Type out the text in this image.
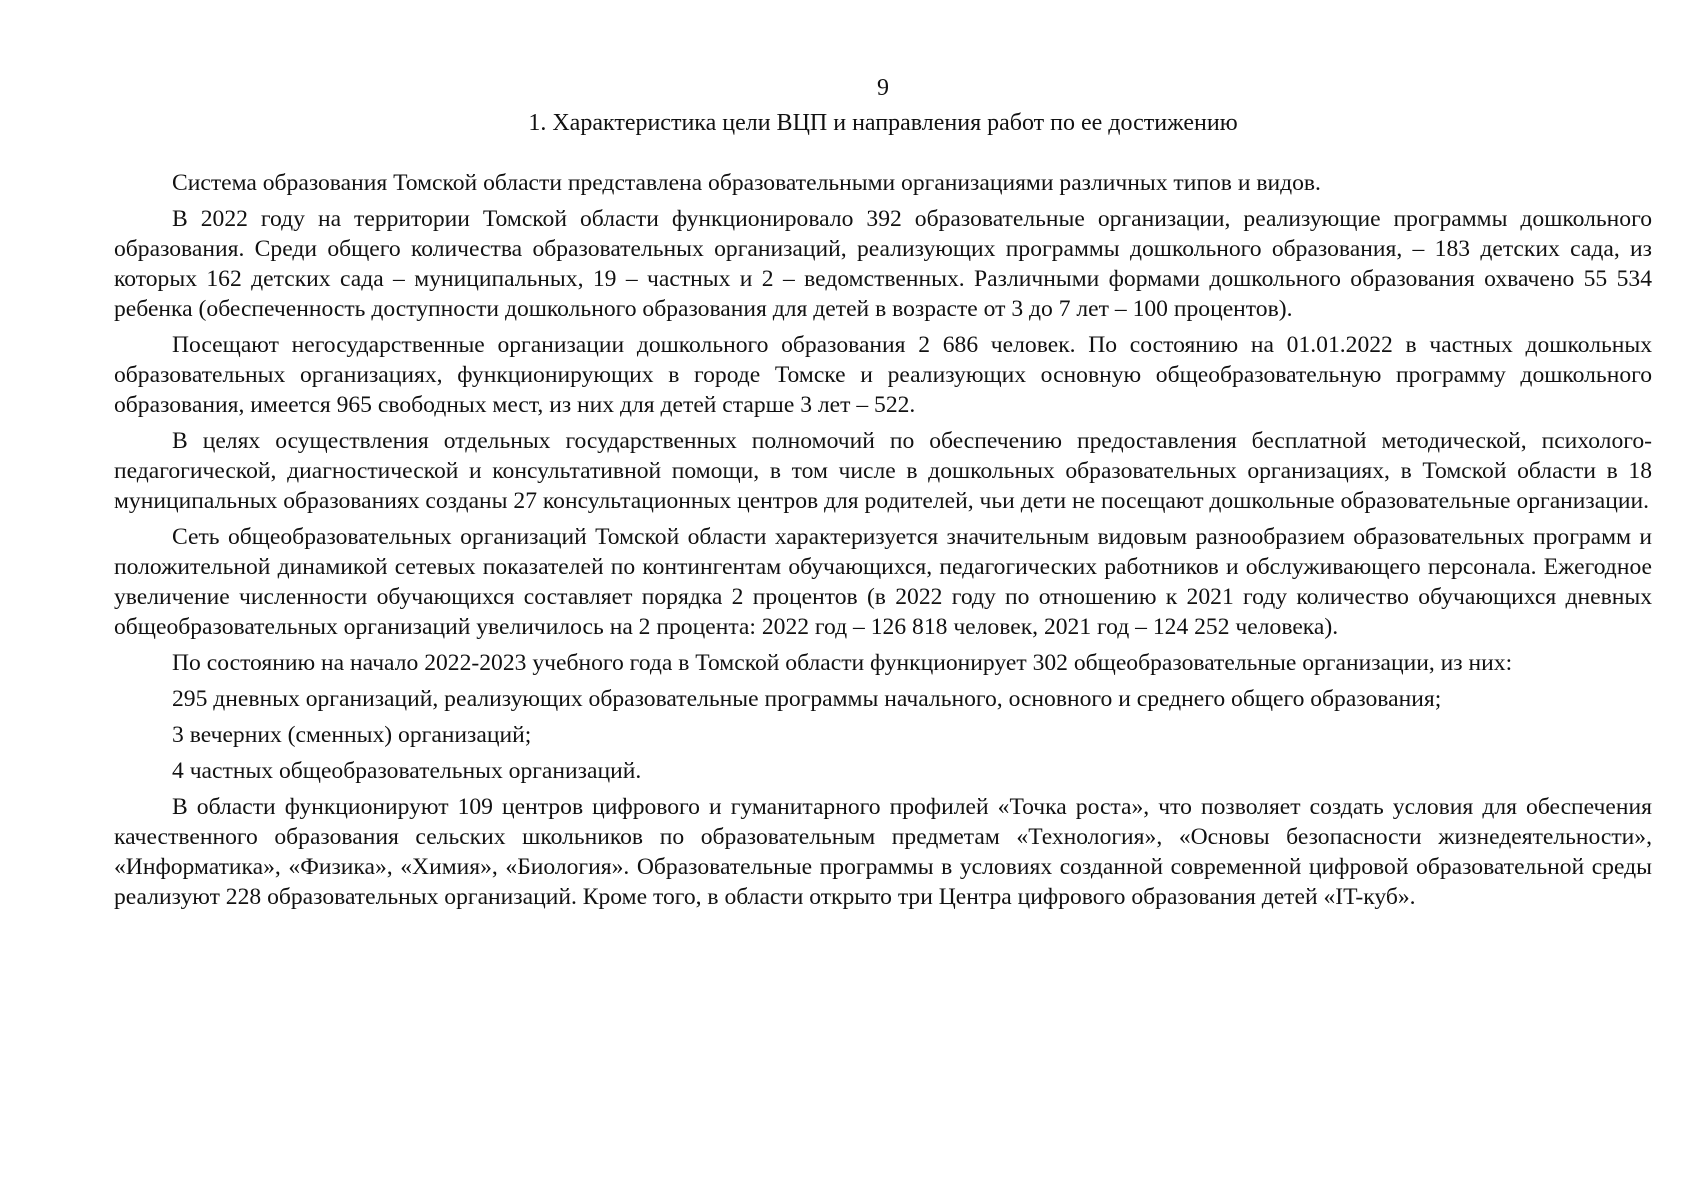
9
1. Характеристика цели ВЦП и направления работ по ее достижению

Система образования Томской области представлена образовательными организациями различных типов и видов.

В 2022 году на территории Томской области функционировало 392 образовательные организации, реализующие программы дошкольного образования. Среди общего количества образовательных организаций, реализующих программы дошкольного образования, – 183 детских сада, из которых 162 детских сада – муниципальных, 19 – частных и 2 – ведомственных. Различными формами дошкольного образования охвачено 55 534 ребенка (обеспеченность доступности дошкольного образования для детей в возрасте от 3 до 7 лет – 100 процентов).

Посещают негосударственные организации дошкольного образования 2 686 человек. По состоянию на 01.01.2022 в частных дошкольных образовательных организациях, функционирующих в городе Томске и реализующих основную общеобразовательную программу дошкольного образования, имеется 965 свободных мест, из них для детей старше 3 лет – 522.

В целях осуществления отдельных государственных полномочий по обеспечению предоставления бесплатной методической, психолого-педагогической, диагностической и консультативной помощи, в том числе в дошкольных образовательных организациях, в Томской области в 18 муниципальных образованиях созданы 27 консультационных центров для родителей, чьи дети не посещают дошкольные образовательные организации.

Сеть общеобразовательных организаций Томской области характеризуется значительным видовым разнообразием образовательных программ и положительной динамикой сетевых показателей по контингентам обучающихся, педагогических работников и обслуживающего персонала. Ежегодное увеличение численности обучающихся составляет порядка 2 процентов (в 2022 году по отношению к 2021 году количество обучающихся дневных общеобразовательных организаций увеличилось на 2 процента: 2022 год – 126 818 человек, 2021 год – 124 252 человека).

По состоянию на начало 2022-2023 учебного года в Томской области функционирует 302 общеобразовательные организации, из них:

295 дневных организаций, реализующих образовательные программы начального, основного и среднего общего образования;

3 вечерних (сменных) организаций;

4 частных общеобразовательных организаций.

В области функционируют 109 центров цифрового и гуманитарного профилей «Точка роста», что позволяет создать условия для обеспечения качественного образования сельских школьников по образовательным предметам «Технология», «Основы безопасности жизнедеятельности», «Информатика», «Физика», «Химия», «Биология». Образовательные программы в условиях созданной современной цифровой образовательной среды реализуют 228 образовательных организаций. Кроме того, в области открыто три Центра цифрового образования детей «IT-куб».
